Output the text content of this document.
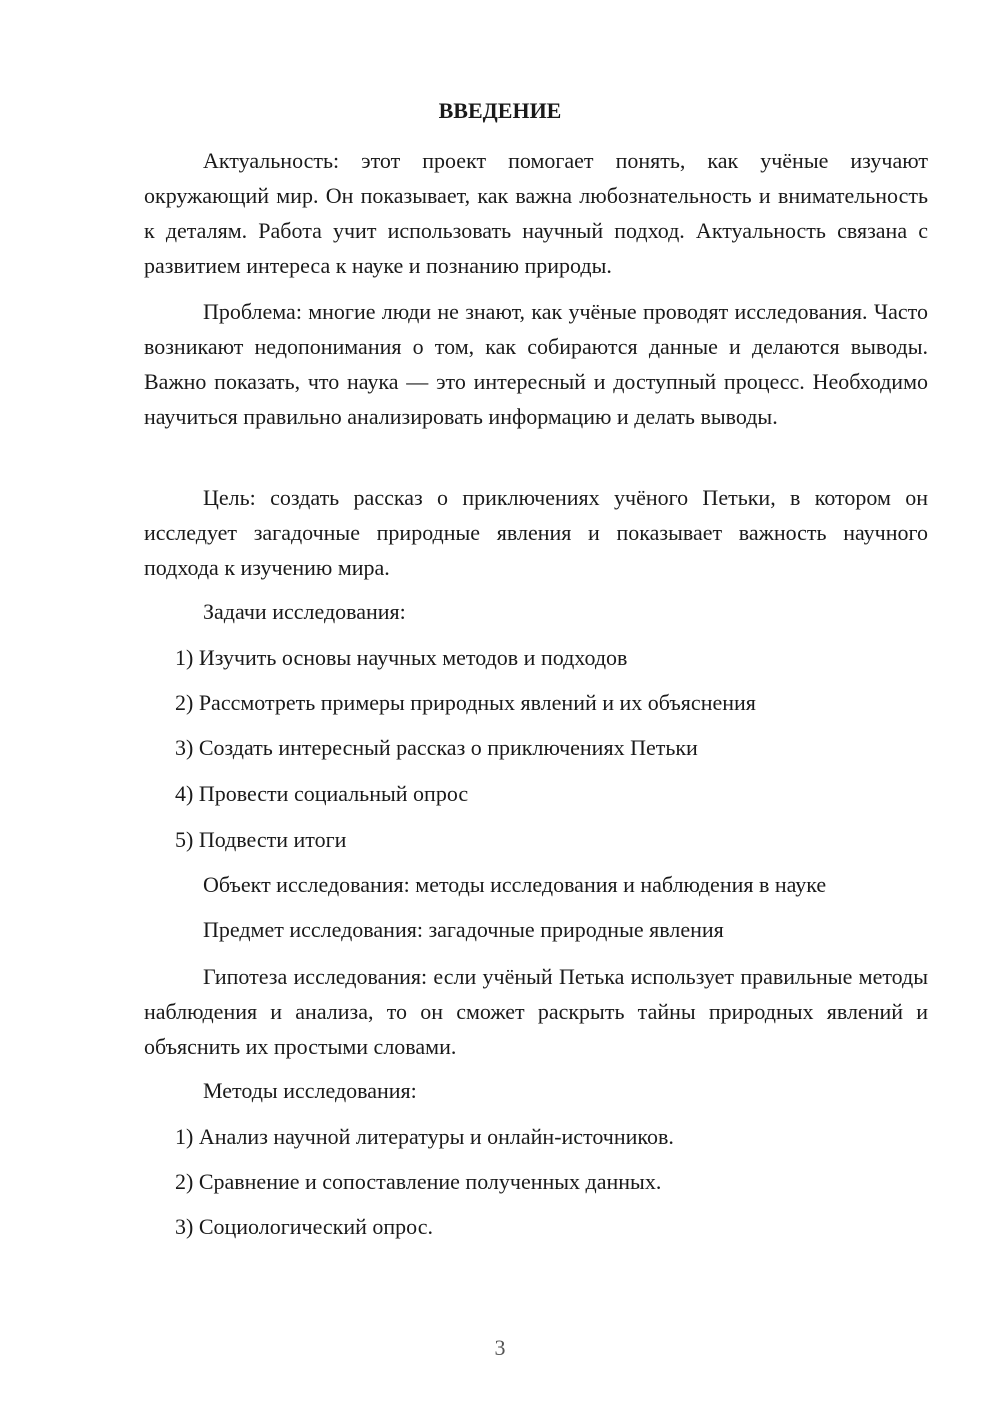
ВВЕДЕНИЕ

Актуальность: этот проект помогает понять, как учёные изучают окружающий мир. Он показывает, как важна любознательность и внимательность к деталям. Работа учит использовать научный подход. Актуальность связана с развитием интереса к науке и познанию природы.

Проблема: многие люди не знают, как учёные проводят исследования. Часто возникают недопонимания о том, как собираются данные и делаются выводы. Важно показать, что наука — это интересный и доступный процесс. Необходимо научиться правильно анализировать информацию и делать выводы.

Цель: создать рассказ о приключениях учёного Петьки, в котором он исследует загадочные природные явления и показывает важность научного подхода к изучению мира.

Задачи исследования:

1) Изучить основы научных методов и подходов

2) Рассмотреть примеры природных явлений и их объяснения

3) Создать интересный рассказ о приключениях Петьки

4) Провести социальный опрос

5) Подвести итоги

Объект исследования: методы исследования и наблюдения в науке

Предмет исследования: загадочные природные явления

Гипотеза исследования: если учёный Петька использует правильные методы наблюдения и анализа, то он сможет раскрыть тайны природных явлений и объяснить их простыми словами.

Методы исследования:

1) Анализ научной литературы и онлайн-источников.

2) Сравнение и сопоставление полученных данных.

3) Социологический опрос.

3
